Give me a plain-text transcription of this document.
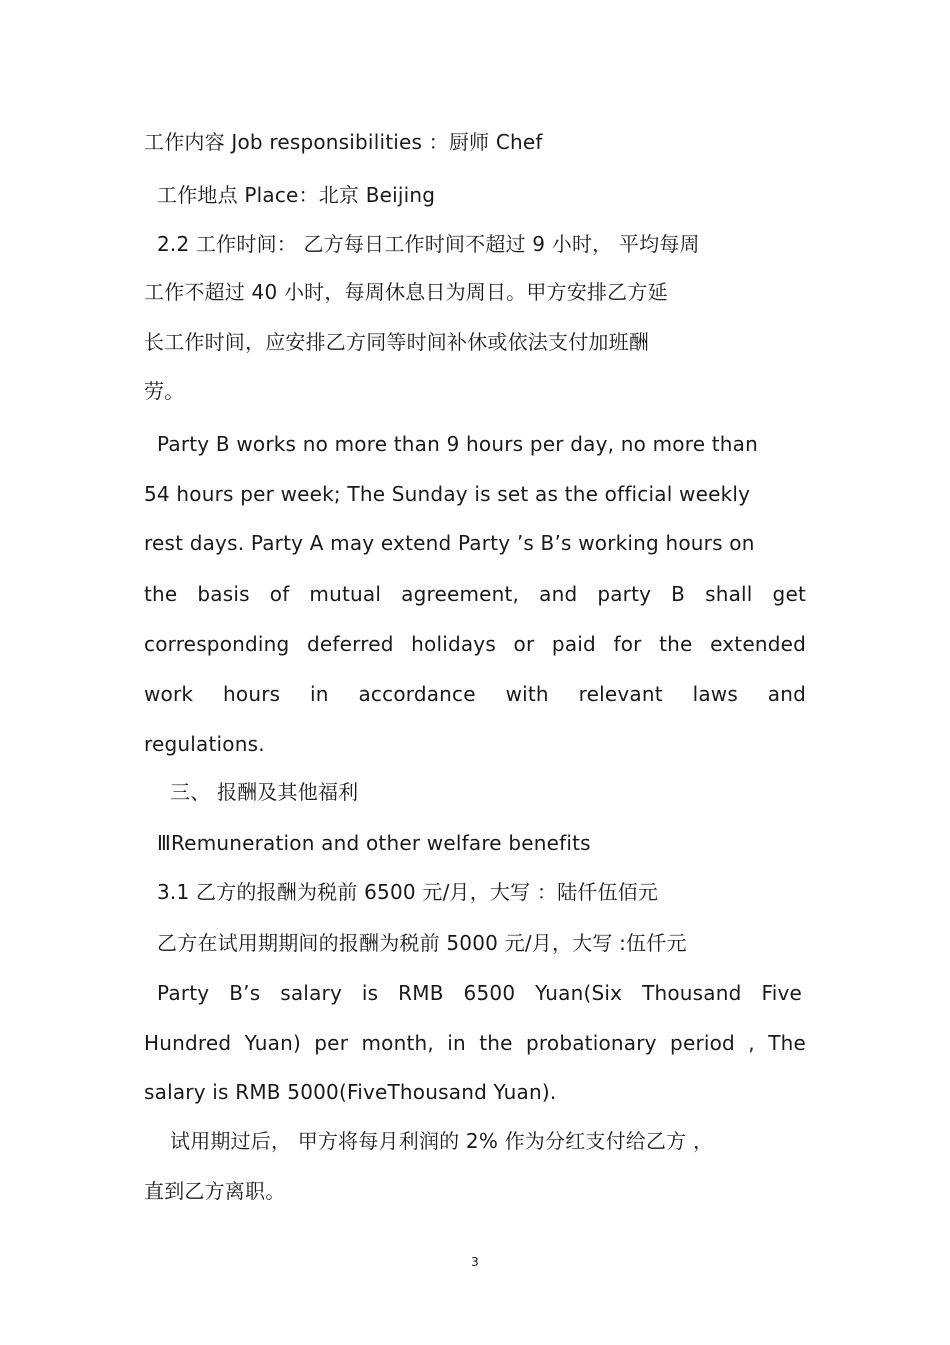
工作内容 Job responsibilities ：厨师 Chef
工作地点 Place：北京 Beijing
2.2 工作时间： 乙方每日工作时间不超过 9 小时， 平均每周
工作不超过 40 小时，每周休息日为周日。甲方安排乙方延
长工作时间，应安排乙方同等时间补休或依法支付加班酬
劳。
Party B works no more than 9 hours per day, no more than
54 hours per week; The Sunday is set as the official weekly
rest days. Party A may extend Party ’s B’s working hours on
the basis of mutual agreement, and party B shall get
corresponding deferred holidays or paid for the extended
work hours in accordance with relevant laws and
regulations.
三、 报酬及其他福利
ⅢRemuneration and other welfare benefits
3.1 乙方的报酬为税前 6500 元/月，大写 ：陆仟伍佰元
乙方在试用期期间的报酬为税前 5000 元/月，大写 :伍仟元
Party B’s salary is RMB 6500 Yuan(Six Thousand Five
Hundred Yuan) per month, in the probationary period , The
salary is RMB 5000(FiveThousand Yuan).
试用期过后， 甲方将每月利润的 2% 作为分红支付给乙方 ，
直到乙方离职。
3
